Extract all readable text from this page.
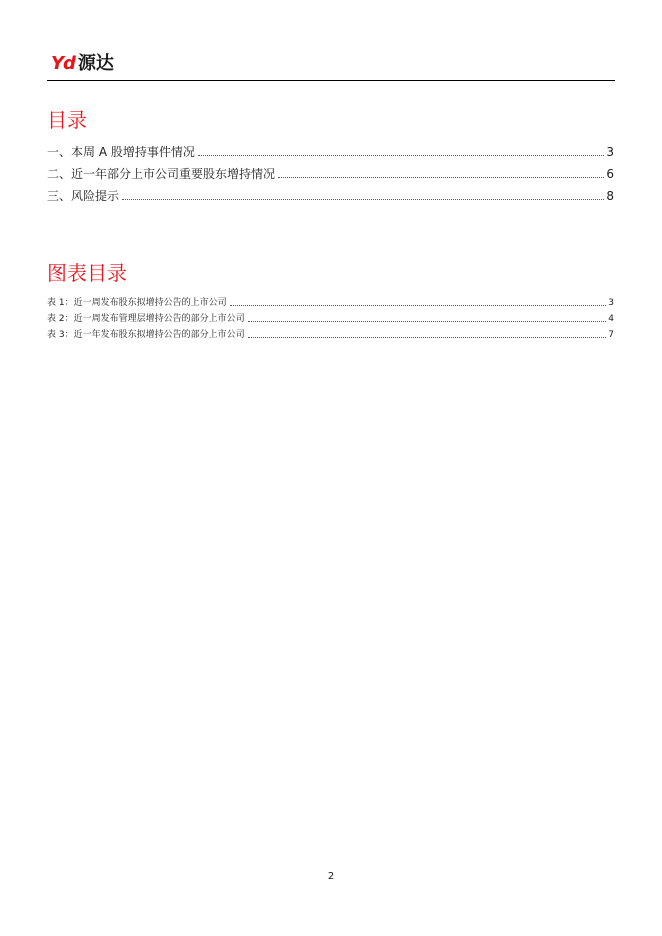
Yd 源达
目录
一、本周 A 股增持事件情况	3
二、近一年部分上市公司重要股东增持情况	6
三、风险提示	8
图表目录
表 1：近一周发布股东拟增持公告的上市公司	3
表 2：近一周发布管理层增持公告的部分上市公司	4
表 3：近一年发布股东拟增持公告的部分上市公司	7
2
